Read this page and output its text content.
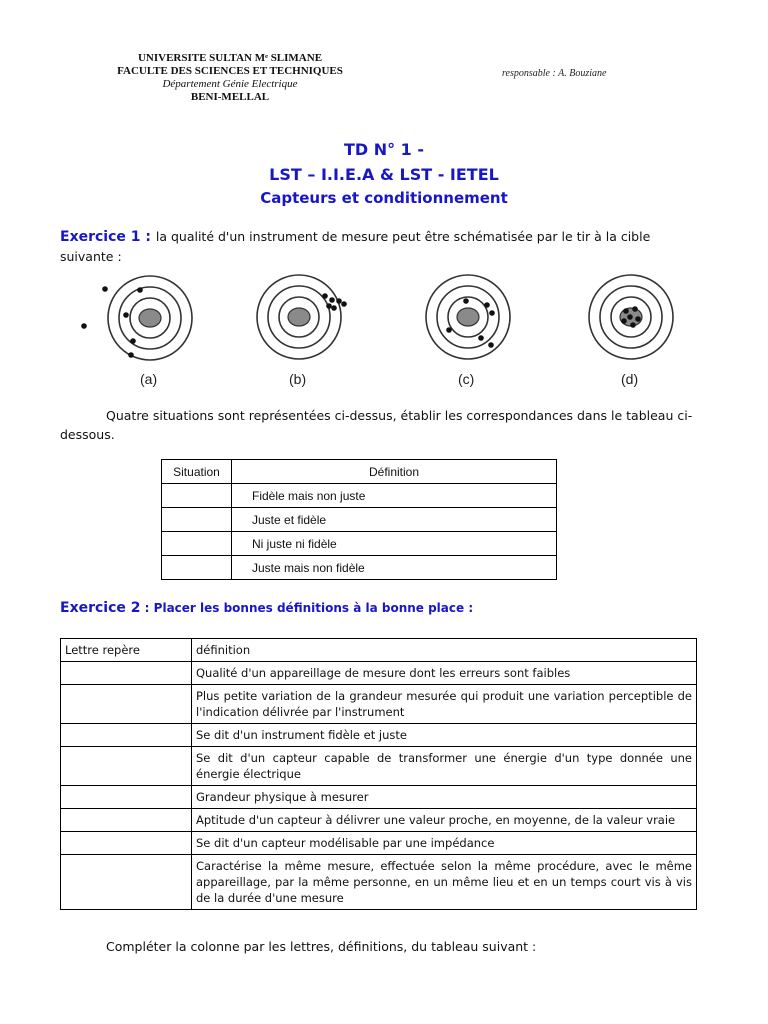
UNIVERSITE SULTAN Mᵉ SLIMANE
FACULTE DES SCIENCES ET TECHNIQUES
Département Génie Electrique
BENI-MELLAL
responsable : A. Bouziane
TD N° 1 -
LST – I.I.E.A & LST - IETEL
Capteurs et conditionnement
Exercice 1 : la qualité d'un instrument de mesure peut être schématisée par le tir à la cible suivante :
(a)	(b)	(c)	(d)
Quatre situations sont représentées ci-dessus, établir les correspondances dans le tableau ci-dessous.
Situation	Définition
	Fidèle mais non juste
	Juste et fidèle
	Ni juste ni fidèle
	Juste mais non fidèle
Exercice 2 : Placer les bonnes définitions à la bonne place :
Lettre repère	définition
	Qualité d'un appareillage de mesure dont les erreurs sont faibles
	Plus petite variation de la grandeur mesurée qui produit une variation perceptible de l'indication délivrée par l'instrument
	Se dit d'un instrument fidèle et juste
	Se dit d'un capteur capable de transformer une énergie d'un type donnée une énergie électrique
	Grandeur physique à mesurer
	Aptitude d'un capteur à délivrer une valeur proche, en moyenne, de la valeur vraie
	Se dit d'un capteur modélisable par une impédance
	Caractérise la même mesure, effectuée selon la même procédure, avec le même appareillage, par la même personne, en un même lieu et en un temps court vis à vis de la durée d'une mesure
Compléter la colonne par les lettres, définitions, du tableau suivant :
